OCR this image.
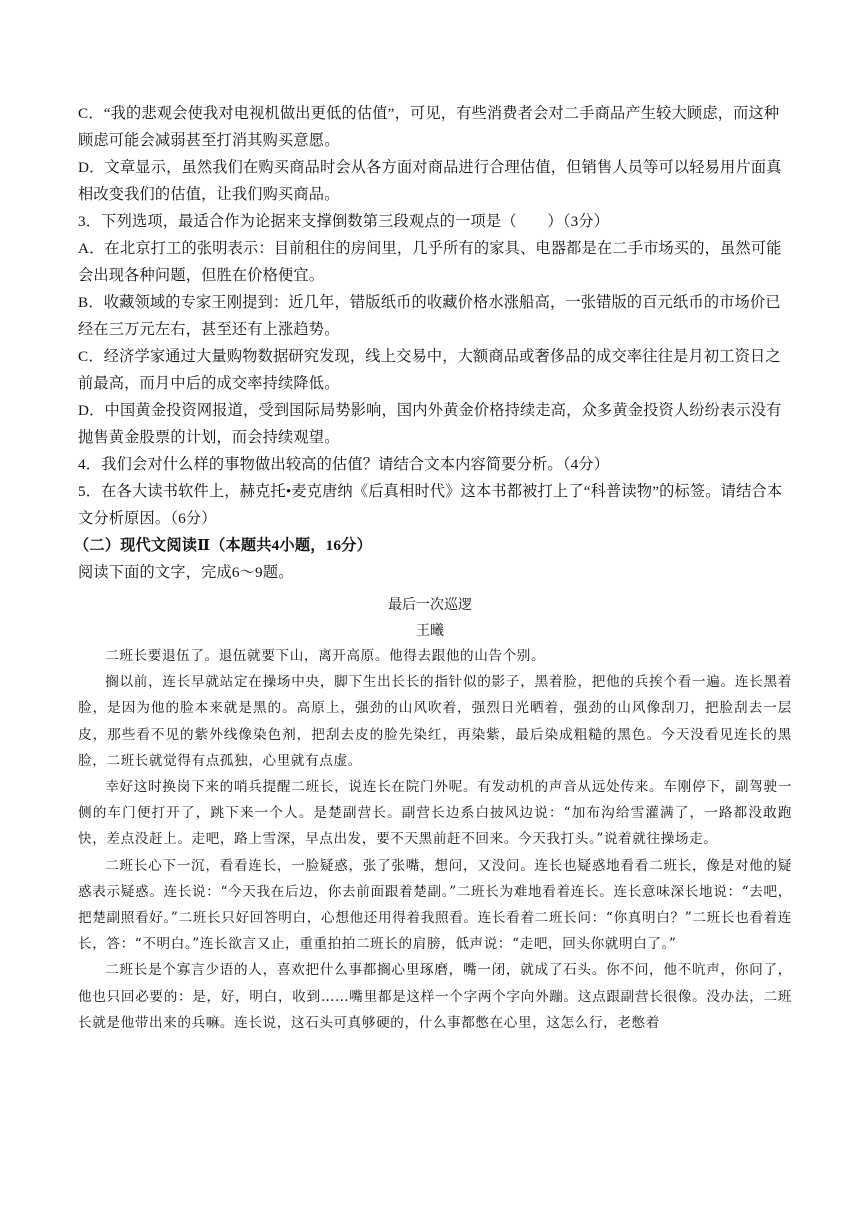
C．“我的悲观会使我对电视机做出更低的估值”，可见，有些消费者会对二手商品产生较大顾虑，而这种顾虑可能会减弱甚至打消其购买意愿。

D．文章显示，虽然我们在购买商品时会从各方面对商品进行合理估值，但销售人员等可以轻易用片面真相改变我们的估值，让我们购买商品。

3．下列选项，最适合作为论据来支撑倒数第三段观点的一项是（　　）（3分）

A．在北京打工的张明表示：目前租住的房间里，几乎所有的家具、电器都是在二手市场买的，虽然可能会出现各种问题，但胜在价格便宜。

B．收藏领域的专家王刚提到：近几年，错版纸币的收藏价格水涨船高，一张错版的百元纸币的市场价已经在三万元左右，甚至还有上涨趋势。

C．经济学家通过大量购物数据研究发现，线上交易中，大额商品或奢侈品的成交率往往是月初工资日之前最高，而月中后的成交率持续降低。

D．中国黄金投资网报道，受到国际局势影响，国内外黄金价格持续走高，众多黄金投资人纷纷表示没有抛售黄金股票的计划，而会持续观望。

4．我们会对什么样的事物做出较高的估值？请结合文本内容简要分析。（4分）

5．在各大读书软件上，赫克托•麦克唐纳《后真相时代》这本书都被打上了“科普读物”的标签。请结合本文分析原因。（6分）

（二）现代文阅读Ⅱ（本题共4小题，16分）

阅读下面的文字，完成6～9题。

最后一次巡逻
王曦

二班长要退伍了。退伍就要下山，离开高原。他得去跟他的山告个别。

搁以前，连长早就站定在操场中央，脚下生出长长的指针似的影子，黑着脸，把他的兵挨个看一遍。连长黑着脸，是因为他的脸本来就是黑的。高原上，强劲的山风吹着，强烈日光晒着，强劲的山风像刮刀，把脸刮去一层皮，那些看不见的紫外线像染色剂，把刮去皮的脸先染红，再染紫，最后染成粗糙的黑色。今天没看见连长的黑脸，二班长就觉得有点孤独，心里就有点虚。

幸好这时换岗下来的哨兵提醒二班长，说连长在院门外呢。有发动机的声音从远处传来。车刚停下，副驾驶一侧的车门便打开了，跳下来一个人。是楚副营长。副营长边系白披风边说：“加布沟给雪灌满了，一路都没敢跑快，差点没赶上。走吧，路上雪深，早点出发，要不天黑前赶不回来。今天我打头。”说着就往操场走。

二班长心下一沉，看看连长，一脸疑惑，张了张嘴，想问，又没问。连长也疑惑地看看二班长，像是对他的疑惑表示疑惑。连长说：“今天我在后边，你去前面跟着楚副。”二班长为难地看着连长。连长意味深长地说：“去吧，把楚副照看好。”二班长只好回答明白，心想他还用得着我照看。连长看着二班长问：“你真明白？”二班长也看着连长，答：“不明白。”连长欲言又止，重重拍拍二班长的肩膀，低声说：“走吧，回头你就明白了。”

二班长是个寡言少语的人，喜欢把什么事都搁心里琢磨，嘴一闭，就成了石头。你不问，他不吭声，你问了，他也只回必要的：是，好，明白，收到……嘴里都是这样一个字两个字向外蹦。这点跟副营长很像。没办法，二班长就是他带出来的兵嘛。连长说，这石头可真够硬的，什么事都憋在心里，这怎么行，老憋着
